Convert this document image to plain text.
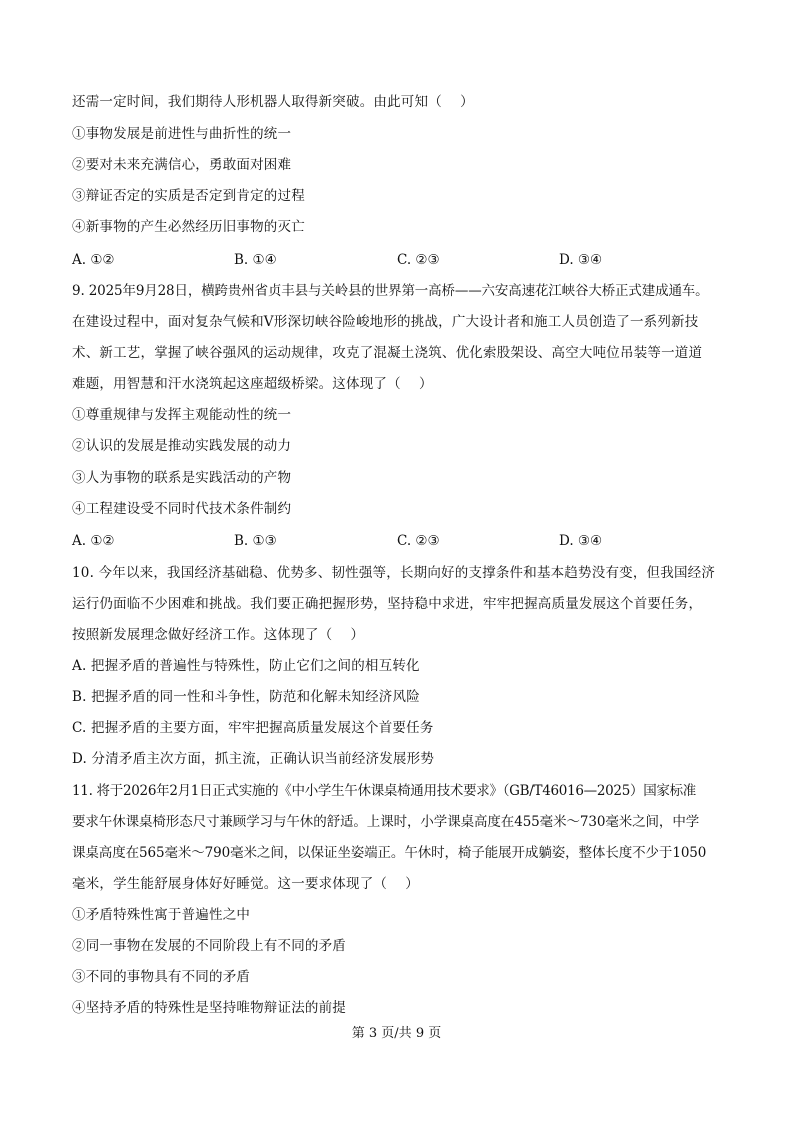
还需一定时间，我们期待人形机器人取得新突破。由此可知（　 ）
①事物发展是前进性与曲折性的统一
②要对未来充满信心，勇敢面对困难
③辩证否定的实质是否定到肯定的过程
④新事物的产生必然经历旧事物的灭亡
A. ①②	B. ①④	C. ②③	D. ③④
9. 2025年9月28日，横跨贵州省贞丰县与关岭县的世界第一高桥——六安高速花江峡谷大桥正式建成通车。
在建设过程中，面对复杂气候和V形深切峡谷险峻地形的挑战，广大设计者和施工人员创造了一系列新技
术、新工艺，掌握了峡谷强风的运动规律，攻克了混凝土浇筑、优化索股架设、高空大吨位吊装等一道道
难题，用智慧和汗水浇筑起这座超级桥梁。这体现了（　 ）
①尊重规律与发挥主观能动性的统一
②认识的发展是推动实践发展的动力
③人为事物的联系是实践活动的产物
④工程建设受不同时代技术条件制约
A. ①②	B. ①③	C. ②③	D. ③④
10. 今年以来，我国经济基础稳、优势多、韧性强等，长期向好的支撑条件和基本趋势没有变，但我国经济
运行仍面临不少困难和挑战。我们要正确把握形势，坚持稳中求进，牢牢把握高质量发展这个首要任务，
按照新发展理念做好经济工作。这体现了（　 ）
A. 把握矛盾的普遍性与特殊性，防止它们之间的相互转化
B. 把握矛盾的同一性和斗争性，防范和化解未知经济风险
C. 把握矛盾的主要方面，牢牢把握高质量发展这个首要任务
D. 分清矛盾主次方面，抓主流，正确认识当前经济发展形势
11. 将于2026年2月1日正式实施的《中小学生午休课桌椅通用技术要求》（GB/T46016—2025）国家标准
要求午休课桌椅形态尺寸兼顾学习与午休的舒适。上课时，小学课桌高度在455毫米～730毫米之间，中学
课桌高度在565毫米～790毫米之间，以保证坐姿端正。午休时，椅子能展开成躺姿，整体长度不少于1050
毫米，学生能舒展身体好好睡觉。这一要求体现了（　 ）
①矛盾特殊性寓于普遍性之中
②同一事物在发展的不同阶段上有不同的矛盾
③不同的事物具有不同的矛盾
④坚持矛盾的特殊性是坚持唯物辩证法的前提
第 3 页/共 9 页
